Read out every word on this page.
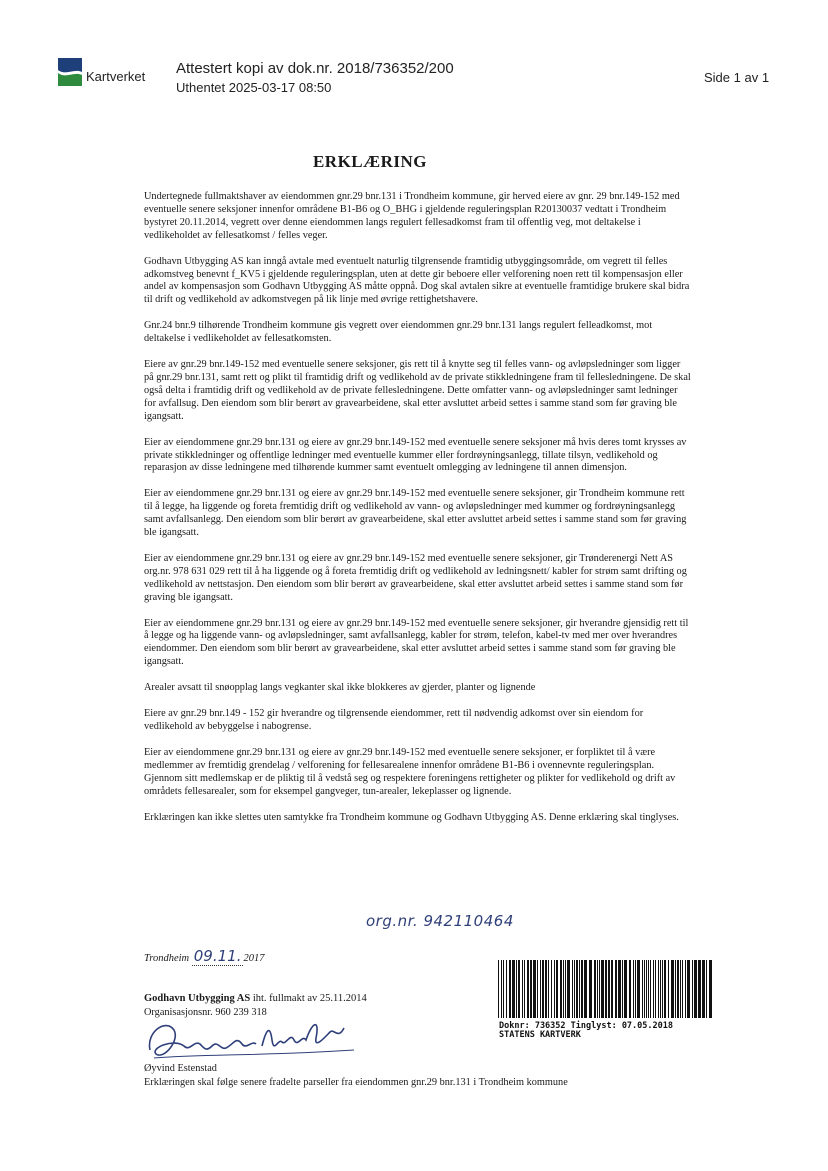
Kartverket Attestert kopi av dok.nr. 2018/736352/200
Uthentet 2025-03-17 08:50
Side 1 av 1
ERKLÆRING

Undertegnede fullmaktshaver av eiendommen gnr.29 bnr.131 i Trondheim kommune, gir herved eiere av gnr. 29 bnr.149-152 med eventuelle senere seksjoner innenfor områdene B1-B6 og O_BHG i gjeldende reguleringsplan R20130037 vedtatt i Trondheim bystyret 20.11.2014, vegrett over denne eiendommen langs regulert fellesadkomst fram til offentlig veg, mot deltakelse i vedlikeholdet av fellesatkomst / felles veger.

Godhavn Utbygging AS kan inngå avtale med eventuelt naturlig tilgrensende framtidig utbyggingsområde, om vegrett til felles adkomstveg benevnt f_KV5 i gjeldende reguleringsplan, uten at dette gir beboere eller velforening noen rett til kompensasjon eller andel av kompensasjon som Godhavn Utbygging AS måtte oppnå. Dog skal avtalen sikre at eventuelle framtidige brukere skal bidra til drift og vedlikehold av adkomstvegen på lik linje med øvrige rettighetshavere.

Gnr.24 bnr.9 tilhørende Trondheim kommune gis vegrett over eiendommen gnr.29 bnr.131 langs regulert felleadkomst, mot deltakelse i vedlikeholdet av fellesatkomsten.

Eiere av gnr.29 bnr.149-152 med eventuelle senere seksjoner, gis rett til å knytte seg til felles vann- og avløpsledninger som ligger på gnr.29 bnr.131, samt rett og plikt til framtidig drift og vedlikehold av de private stikkledningene fram til fellesledningene. De skal også delta i framtidig drift og vedlikehold av de private fellesledningene. Dette omfatter vann- og avløpsledninger samt ledninger for avfallsug. Den eiendom som blir berørt av gravearbeidene, skal etter avsluttet arbeid settes i samme stand som før graving ble igangsatt.

Eier av eiendommene gnr.29 bnr.131 og eiere av gnr.29 bnr.149-152 med eventuelle senere seksjoner må hvis deres tomt krysses av private stikkledninger og offentlige ledninger med eventuelle kummer eller fordrøyningsanlegg, tillate tilsyn, vedlikehold og reparasjon av disse ledningene med tilhørende kummer samt eventuelt omlegging av ledningene til annen dimensjon.

Eier av eiendommene gnr.29 bnr.131 og eiere av gnr.29 bnr.149-152 med eventuelle senere seksjoner, gir Trondheim kommune rett til å legge, ha liggende og foreta fremtidig drift og vedlikehold av vann- og avløpsledninger med kummer og fordrøyningsanlegg samt avfallsanlegg. Den eiendom som blir berørt av gravearbeidene, skal etter avsluttet arbeid settes i samme stand som før graving ble igangsatt.

Eier av eiendommene gnr.29 bnr.131 og eiere av gnr.29 bnr.149-152 med eventuelle senere seksjoner, gir Trønderenergi Nett AS org.nr. 978 631 029 rett til å ha liggende og å foreta fremtidig drift og vedlikehold av ledningsnett/ kabler for strøm samt drifting og vedlikehold av nettstasjon. Den eiendom som blir berørt av gravearbeidene, skal etter avsluttet arbeid settes i samme stand som før graving ble igangsatt.

Eier av eiendommene gnr.29 bnr.131 og eiere av gnr.29 bnr.149-152 med eventuelle senere seksjoner, gir hverandre gjensidig rett til å legge og ha liggende vann- og avløpsledninger, samt avfallsanlegg, kabler for strøm, telefon, kabel-tv med mer over hverandres eiendommer. Den eiendom som blir berørt av gravearbeidene, skal etter avsluttet arbeid settes i samme stand som før graving ble igangsatt.

Arealer avsatt til snøopplag langs vegkanter skal ikke blokkeres av gjerder, planter og lignende

Eiere av gnr.29 bnr.149 - 152 gir hverandre og tilgrensende eiendommer, rett til nødvendig adkomst over sin eiendom for vedlikehold av bebyggelse i nabogrense.

Eier av eiendommene gnr.29 bnr.131 og eiere av gnr.29 bnr.149-152 med eventuelle senere seksjoner, er forpliktet til å være medlemmer av fremtidig grendelag / velforening for fellesarealene innenfor områdene B1-B6 i ovennevnte reguleringsplan. Gjennom sitt medlemskap er de pliktig til å vedstå seg og respektere foreningens rettigheter og plikter for vedlikehold og drift av områdets fellesarealer, som for eksempel gangveger, tun-arealer, lekeplasser og lignende.

Erklæringen kan ikke slettes uten samtykke fra Trondheim kommune og Godhavn Utbygging AS. Denne erklæring skal tinglyses.

org.nr. 942110464
Trondheim 09.11. 2017
Godhavn Utbygging AS iht. fullmakt av 25.11.2014
Organisasjonsnr. 960 239 318
Øyvind Estenstad
Erklæringen skal følge senere fradelte parseller fra eiendommen gnr.29 bnr.131 i Trondheim kommune
Doknr: 736352 Tinglyst: 07.05.2018
STATENS KARTVERK
